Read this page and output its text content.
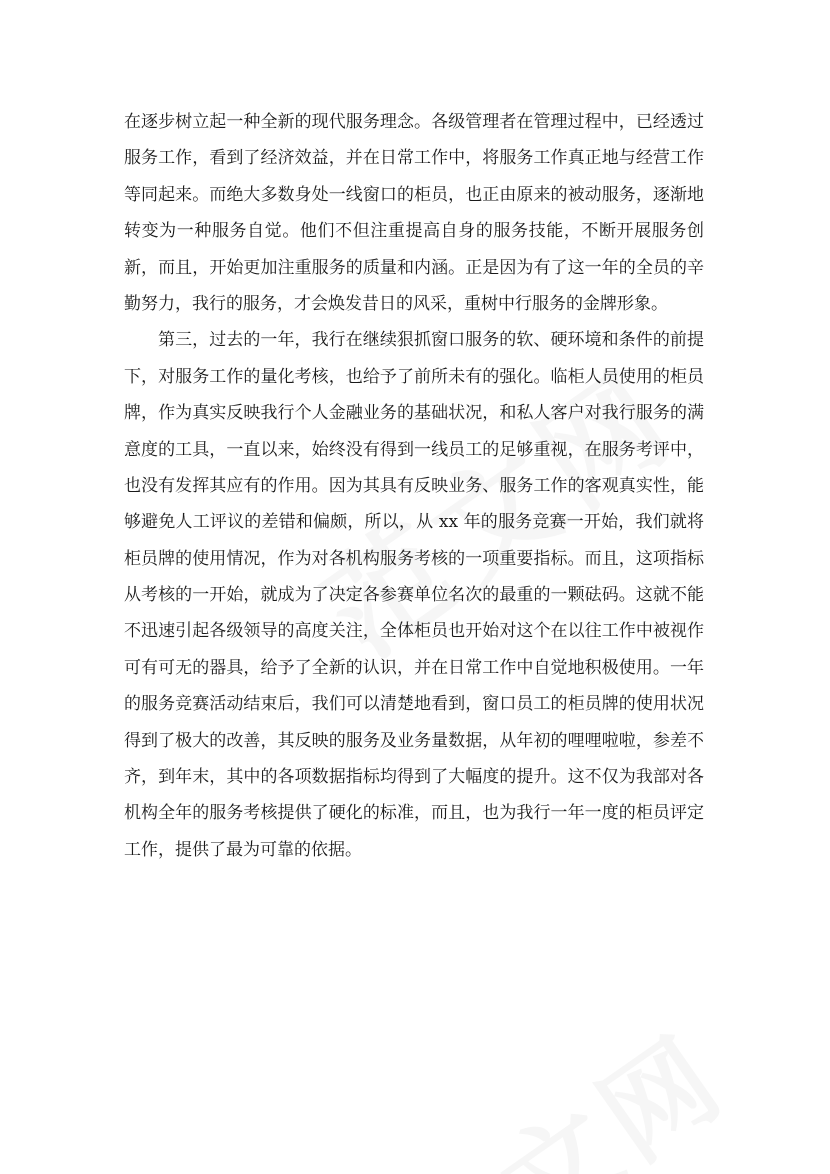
在逐步树立起一种全新的现代服务理念。各级管理者在管理过程中，已经透过
服务工作，看到了经济效益，并在日常工作中，将服务工作真正地与经营工作
等同起来。而绝大多数身处一线窗口的柜员，也正由原来的被动服务，逐渐地
转变为一种服务自觉。他们不但注重提高自身的服务技能，不断开展服务创
新，而且，开始更加注重服务的质量和内涵。正是因为有了这一年的全员的辛
勤努力，我行的服务，才会焕发昔日的风采，重树中行服务的金牌形象。
第三，过去的一年，我行在继续狠抓窗口服务的软、硬环境和条件的前提
下，对服务工作的量化考核，也给予了前所未有的强化。临柜人员使用的柜员
牌，作为真实反映我行个人金融业务的基础状况，和私人客户对我行服务的满
意度的工具，一直以来，始终没有得到一线员工的足够重视，在服务考评中，
也没有发挥其应有的作用。因为其具有反映业务、服务工作的客观真实性，能
够避免人工评议的差错和偏颇，所以，从 xx 年的服务竞赛一开始，我们就将
柜员牌的使用情况，作为对各机构服务考核的一项重要指标。而且，这项指标
从考核的一开始，就成为了决定各参赛单位名次的最重的一颗砝码。这就不能
不迅速引起各级领导的高度关注，全体柜员也开始对这个在以往工作中被视作
可有可无的器具，给予了全新的认识，并在日常工作中自觉地积极使用。一年
的服务竞赛活动结束后，我们可以清楚地看到，窗口员工的柜员牌的使用状况
得到了极大的改善，其反映的服务及业务量数据，从年初的哩哩啦啦，参差不
齐，到年末，其中的各项数据指标均得到了大幅度的提升。这不仅为我部对各
机构全年的服务考核提供了硬化的标准，而且，也为我行一年一度的柜员评定
工作，提供了最为可靠的依据。
